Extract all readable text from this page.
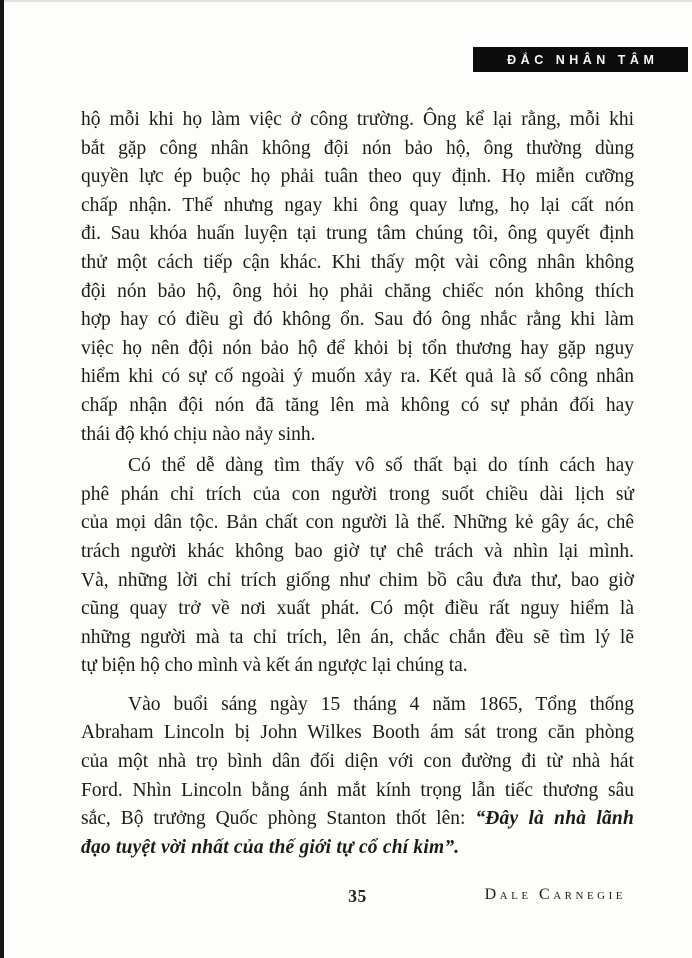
ĐẮC NHÂN TÂM
hộ mỗi khi họ làm việc ở công trường. Ông kể lại rằng, mỗi khi
bắt gặp công nhân không đội nón bảo hộ, ông thường dùng
quyền lực ép buộc họ phải tuân theo quy định. Họ miễn cưỡng
chấp nhận. Thế nhưng ngay khi ông quay lưng, họ lại cất nón
đi. Sau khóa huấn luyện tại trung tâm chúng tôi, ông quyết định
thử một cách tiếp cận khác. Khi thấy một vài công nhân không
đội nón bảo hộ, ông hỏi họ phải chăng chiếc nón không thích
hợp hay có điều gì đó không ổn. Sau đó ông nhắc rằng khi làm
việc họ nên đội nón bảo hộ để khỏi bị tổn thương hay gặp nguy
hiểm khi có sự cố ngoài ý muốn xảy ra. Kết quả là số công nhân
chấp nhận đội nón đã tăng lên mà không có sự phản đối hay
thái độ khó chịu nào nảy sinh.
Có thể dễ dàng tìm thấy vô số thất bại do tính cách hay
phê phán chỉ trích của con người trong suốt chiều dài lịch sử
của mọi dân tộc. Bản chất con người là thế. Những kẻ gây ác, chê
trách người khác không bao giờ tự chê trách và nhìn lại mình.
Và, những lời chỉ trích giống như chim bồ câu đưa thư, bao giờ
cũng quay trở về nơi xuất phát. Có một điều rất nguy hiểm là
những người mà ta chỉ trích, lên án, chắc chắn đều sẽ tìm lý lẽ
tự biện hộ cho mình và kết án ngược lại chúng ta.
Vào buổi sáng ngày 15 tháng 4 năm 1865, Tổng thống
Abraham Lincoln bị John Wilkes Booth ám sát trong căn phòng
của một nhà trọ bình dân đối diện với con đường đi từ nhà hát
Ford. Nhìn Lincoln bằng ánh mắt kính trọng lẫn tiếc thương sâu
sắc, Bộ trưởng Quốc phòng Stanton thốt lên: “Đây là nhà lãnh
đạo tuyệt vời nhất của thế giới tự cổ chí kim”.
35	Dale Carnegie
